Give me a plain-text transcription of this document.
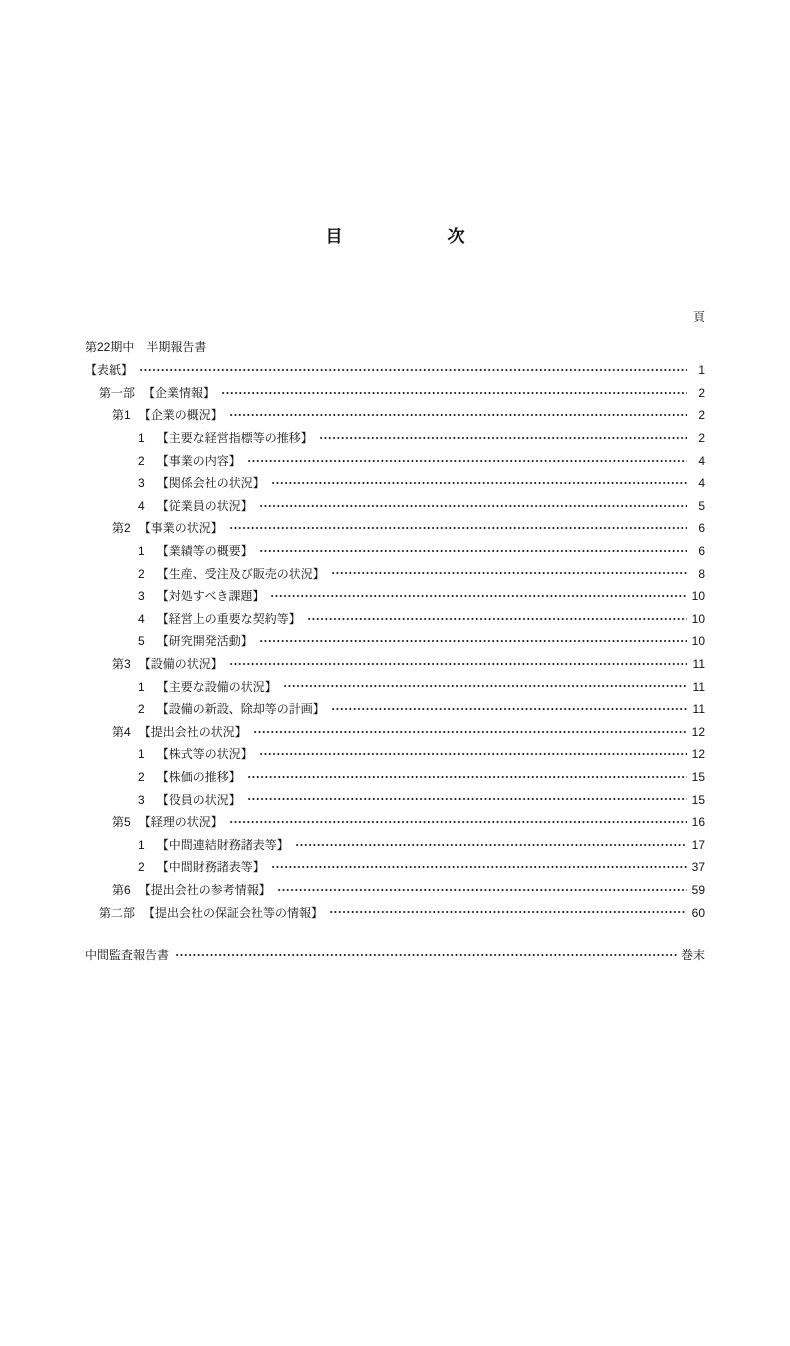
目次
頁
第22期中　半期報告書
【表紙】	1
第一部 【企業情報】	2
第1 【企業の概況】	2
1 【主要な経営指標等の推移】	2
2 【事業の内容】	4
3 【関係会社の状況】	4
4 【従業員の状況】	5
第2 【事業の状況】	6
1 【業績等の概要】	6
2 【生産、受注及び販売の状況】	8
3 【対処すべき課題】	10
4 【経営上の重要な契約等】	10
5 【研究開発活動】	10
第3 【設備の状況】	11
1 【主要な設備の状況】	11
2 【設備の新設、除却等の計画】	11
第4 【提出会社の状況】	12
1 【株式等の状況】	12
2 【株価の推移】	15
3 【役員の状況】	15
第5 【経理の状況】	16
1 【中間連結財務諸表等】	17
2 【中間財務諸表等】	37
第6 【提出会社の参考情報】	59
第二部 【提出会社の保証会社等の情報】	60
中間監査報告書	巻末
